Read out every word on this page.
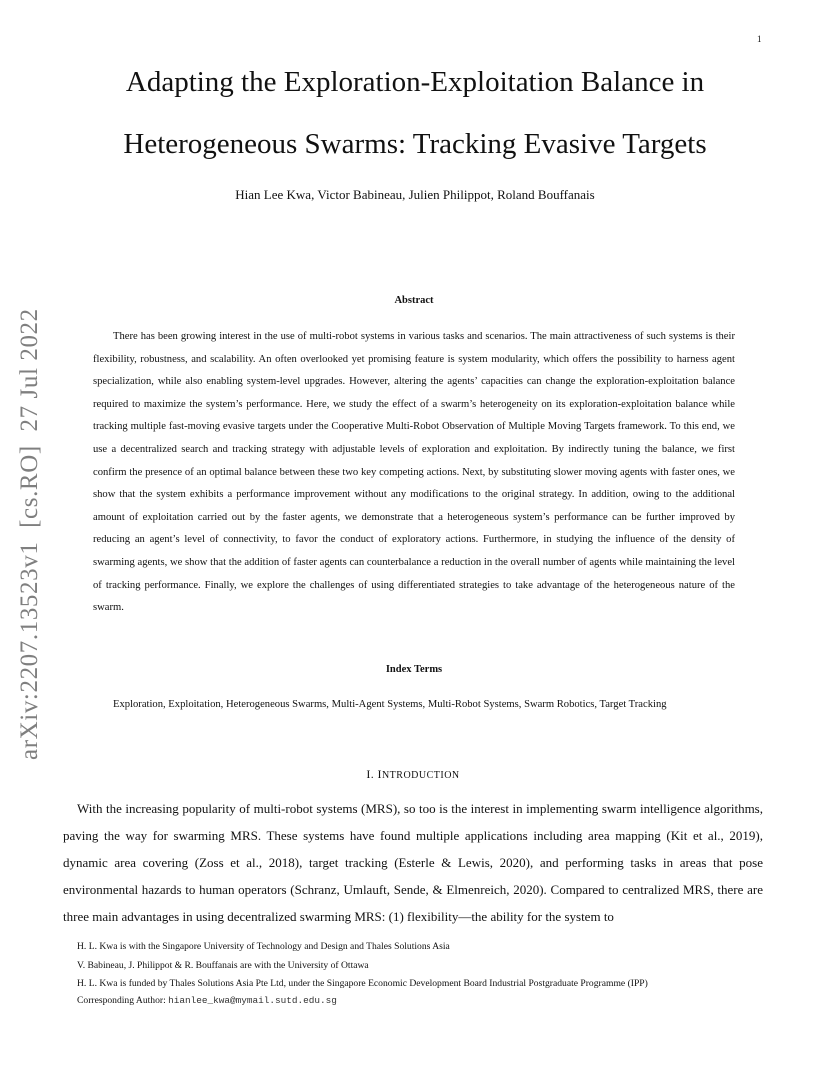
1
arXiv:2207.13523v1  [cs.RO]  27 Jul 2022
Adapting the Exploration-Exploitation Balance in
Heterogeneous Swarms: Tracking Evasive Targets
Hian Lee Kwa, Victor Babineau, Julien Philippot, Roland Bouffanais
Abstract

There has been growing interest in the use of multi-robot systems in various tasks and scenarios. The main attractiveness of such systems is their flexibility, robustness, and scalability. An often overlooked yet promising feature is system modularity, which offers the possibility to harness agent specialization, while also enabling system-level upgrades. However, altering the agents’ capacities can change the exploration-exploitation balance required to maximize the system’s performance. Here, we study the effect of a swarm’s heterogeneity on its exploration-exploitation balance while tracking multiple fast-moving evasive targets under the Cooperative Multi-Robot Observation of Multiple Moving Targets framework. To this end, we use a decentralized search and tracking strategy with adjustable levels of exploration and exploitation. By indirectly tuning the balance, we first confirm the presence of an optimal balance between these two key competing actions. Next, by substituting slower moving agents with faster ones, we show that the system exhibits a performance improvement without any modifications to the original strategy. In addition, owing to the additional amount of exploitation carried out by the faster agents, we demonstrate that a heterogeneous system’s performance can be further improved by reducing an agent’s level of connectivity, to favor the conduct of exploratory actions. Furthermore, in studying the influence of the density of swarming agents, we show that the addition of faster agents can counterbalance a reduction in the overall number of agents while maintaining the level of tracking performance. Finally, we explore the challenges of using differentiated strategies to take advantage of the heterogeneous nature of the swarm.

Index Terms

Exploration, Exploitation, Heterogeneous Swarms, Multi-Agent Systems, Multi-Robot Systems, Swarm Robotics, Target Tracking

I. INTRODUCTION

With the increasing popularity of multi-robot systems (MRS), so too is the interest in implementing swarm intelligence algorithms, paving the way for swarming MRS. These systems have found multiple applications including area mapping (Kit et al., 2019), dynamic area covering (Zoss et al., 2018), target tracking (Esterle & Lewis, 2020), and performing tasks in areas that pose environmental hazards to human operators (Schranz, Umlauft, Sende, & Elmenreich, 2020). Compared to centralized MRS, there are three main advantages in using decentralized swarming MRS: (1) flexibility—the ability for the system to

H. L. Kwa is with the Singapore University of Technology and Design and Thales Solutions Asia
V. Babineau, J. Philippot & R. Bouffanais are with the University of Ottawa
H. L. Kwa is funded by Thales Solutions Asia Pte Ltd, under the Singapore Economic Development Board Industrial Postgraduate Programme (IPP)
Corresponding Author: hianlee_kwa@mymail.sutd.edu.sg
